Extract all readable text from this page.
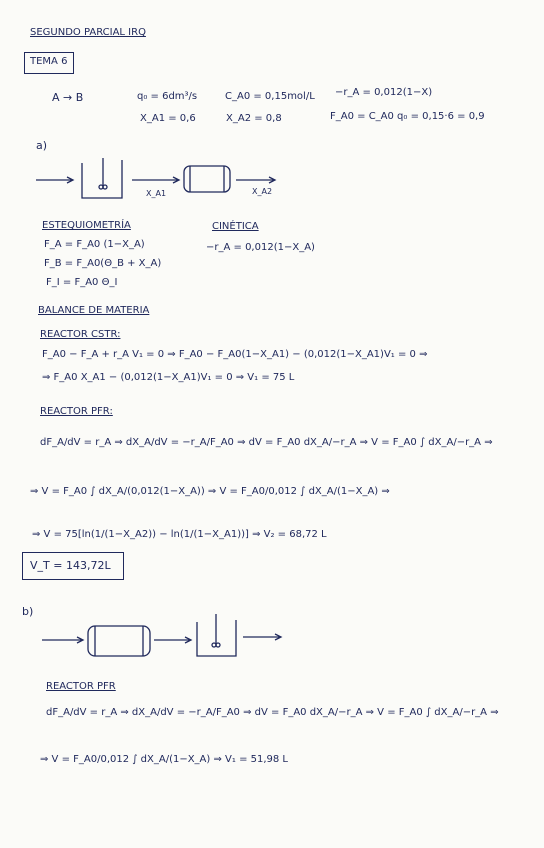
SEGUNDO PARCIAL IRQ
TEMA 6
A → B	q₀ = 6dm³/s	C_A0 = 0,15mol/L −r_A = 0,012(1−X)
X_A1 = 0,6	X_A2 = 0,8	F_A0 = C_A0 q₀ = 0,15·6 = 0,9
a)
X_A1	X_A2
ESTEQUIOMETRÍA
F_A = F_A0 (1−X_A)
F_B = F_A0(Θ_B + X_A)
F_I = F_A0 Θ_I
CINÉTICA
−r_A = 0,012(1−X_A)
BALANCE DE MATERIA
REACTOR CSTR:
F_A0 − F_A + r_A V₁ = 0 ⇒ F_A0 − F_A0(1−X_A1) − (0,012(1−X_A1)V₁ = 0 ⇒
⇒ F_A0 X_A1 − (0,012(1−X_A1)V₁ = 0 ⇒ V₁ = 75 L
REACTOR PFR:
dF_A/dV = r_A ⇒ dX_A/dV = −r_A/F_A0 ⇒ dV = F_A0 dX_A/−r_A ⇒ V = F_A0 ∫ dX_A/−r_A ⇒
⇒ V = F_A0 ∫ dX_A/(0,012(1−X_A)) ⇒ V = F_A0/0,012 ∫ dX_A/(1−X_A) ⇒
⇒ V = 75[ln(1/(1−X_A2)) − ln(1/(1−X_A1))] ⇒ V₂ = 68,72 L
V_T = 143,72L
b)
REACTOR PFR
dF_A/dV = r_A ⇒ dX_A/dV = −r_A/F_A0 ⇒ dV = F_A0 dX_A/−r_A ⇒ V = F_A0 ∫ dX_A/−r_A ⇒
⇒ V = F_A0/0,012 ∫ dX_A/(1−X_A) ⇒ V₁ = 51,98 L
